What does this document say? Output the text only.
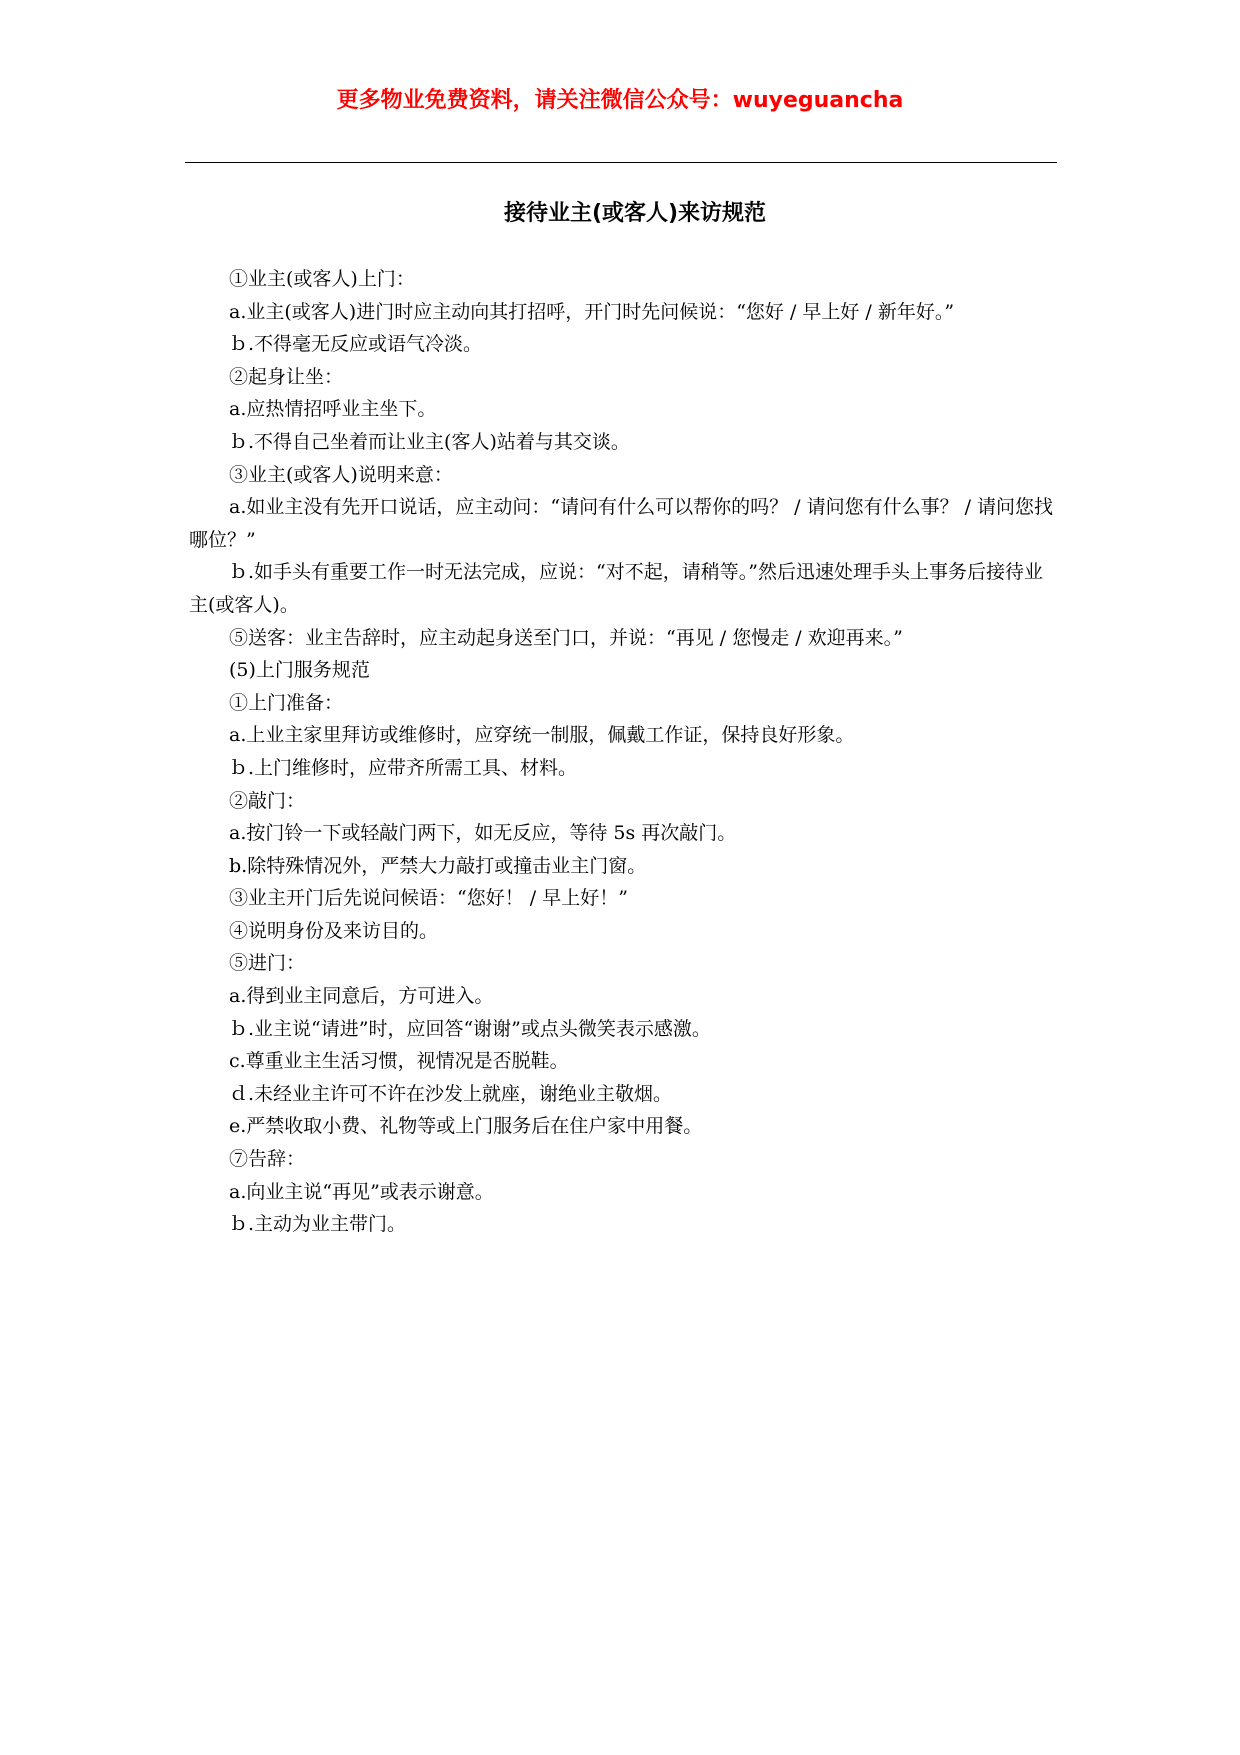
更多物业免费资料，请关注微信公众号：wuyeguancha
接待业主(或客人)来访规范

①业主(或客人)上门：

a.业主(或客人)进门时应主动向其打招呼，开门时先问候说：“您好 / 早上好 / 新年好。”

ｂ.不得毫无反应或语气冷淡。

②起身让坐：

a.应热情招呼业主坐下。

ｂ.不得自己坐着而让业主(客人)站着与其交谈。

③业主(或客人)说明来意：

a.如业主没有先开口说话，应主动问：“请问有什么可以帮你的吗？ / 请问您有什么事？ / 请问您找哪位？”

ｂ.如手头有重要工作一时无法完成，应说：“对不起，请稍等。”然后迅速处理手头上事务后接待业主(或客人)。

⑤送客：业主告辞时，应主动起身送至门口，并说：“再见 / 您慢走 / 欢迎再来。”

(5)上门服务规范

①上门准备：

a.上业主家里拜访或维修时，应穿统一制服，佩戴工作证，保持良好形象。

ｂ.上门维修时，应带齐所需工具、材料。

②敲门：

a.按门铃一下或轻敲门两下，如无反应，等待 5s 再次敲门。

b.除特殊情况外，严禁大力敲打或撞击业主门窗。

③业主开门后先说问候语：“您好！ / 早上好！”

④说明身份及来访目的。

⑤进门：

a.得到业主同意后，方可进入。

ｂ.业主说“请进”时，应回答“谢谢”或点头微笑表示感激。

c.尊重业主生活习惯，视情况是否脱鞋。

ｄ.未经业主许可不许在沙发上就座，谢绝业主敬烟。

e.严禁收取小费、礼物等或上门服务后在住户家中用餐。

⑦告辞：

a.向业主说“再见”或表示谢意。

ｂ.主动为业主带门。
